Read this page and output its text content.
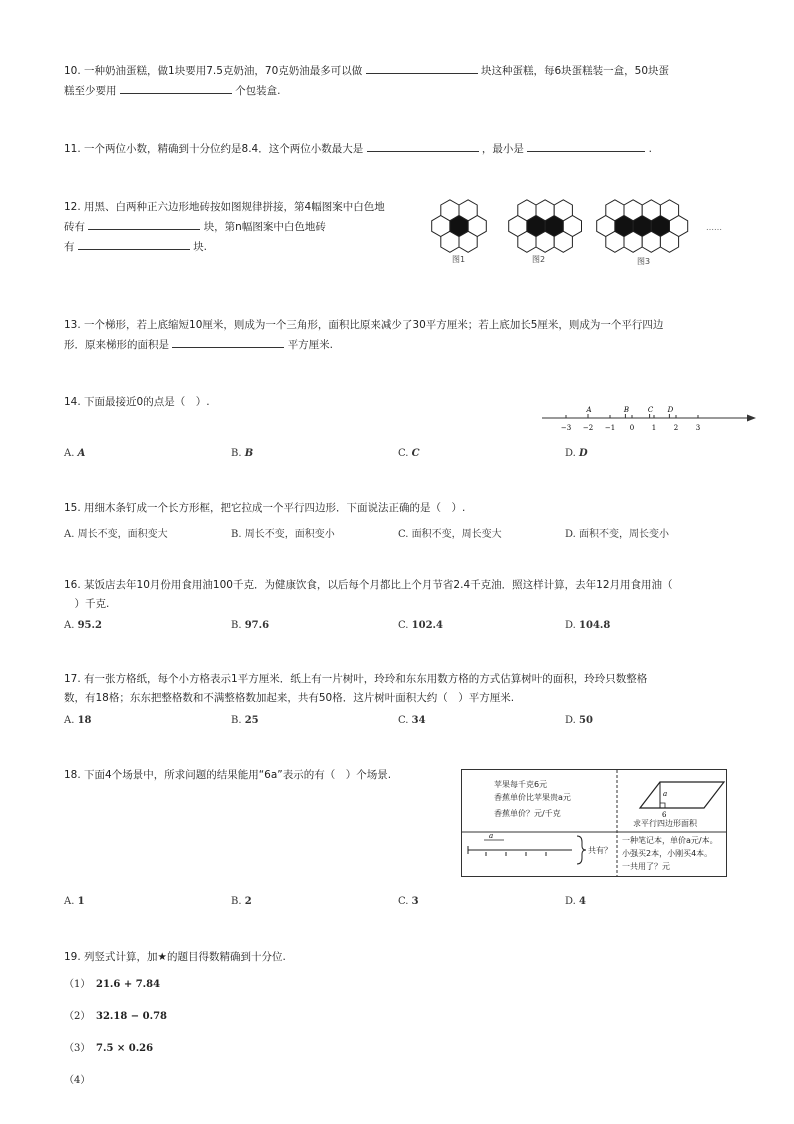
10. 一种奶油蛋糕，做1块要用7.5克奶油，70克奶油最多可以做	块这种蛋糕，每6块蛋糕装一盒，50块蛋
糕至少要用	个包装盒.
11. 一个两位小数，精确到十分位约是8.4．这个两位小数最大是	，最小是	.
12. 用黑、白两种正六边形地砖按如图规律拼接，第4幅图案中白色地
砖有	块，第n幅图案中白色地砖
有	块.
……
图1	图2	图3
13. 一个梯形，若上底缩短10厘米，则成为一个三角形，面积比原来减少了30平方厘米；若上底加长5厘米，则成为一个平行四边
形．原来梯形的面积是	平方厘米.
14. 下面最接近0的点是（　）.
−3 −2 −1 0	1	2	3
A	B	C D
A. A	B. B	C. C	D. D
15. 用细木条钉成一个长方形框，把它拉成一个平行四边形．下面说法正确的是（　）.
A. 周长不变，面积变大	B. 周长不变，面积变小	C. 面积不变，周长变大	D. 面积不变，周长变小
16. 某饭店去年10月份用食用油100千克．为健康饮食，以后每个月都比上个月节省2.4千克油．照这样计算，去年12月用食用油（
　）千克.
A. 95.2	B. 97.6	C. 102.4	D. 104.8
17. 有一张方格纸，每个小方格表示1平方厘米．纸上有一片树叶，玲玲和东东用数方格的方式估算树叶的面积，玲玲只数整格
数，有18格；东东把整格数和不满整格数加起来，共有50格．这片树叶面积大约（　）平方厘米.
A. 18	B. 25	C. 34	D. 50
18. 下面4个场景中，所求问题的结果能用“6a”表示的有（　）个场景.
a
a
6
苹果每千克6元
香蕉单价比苹果贵a元
香蕉单价？元/千克
求平行四边形面积
共有？
一种笔记本，单价a元/本。
小强买2本，小刚买4本。
一共用了？元
A. 1	B. 2	C. 3	D. 4
19. 列竖式计算，加★的题目得数精确到十分位.
（1） 21.6 + 7.84
（2） 32.18 − 0.78
（3） 7.5 × 0.26
（4）
